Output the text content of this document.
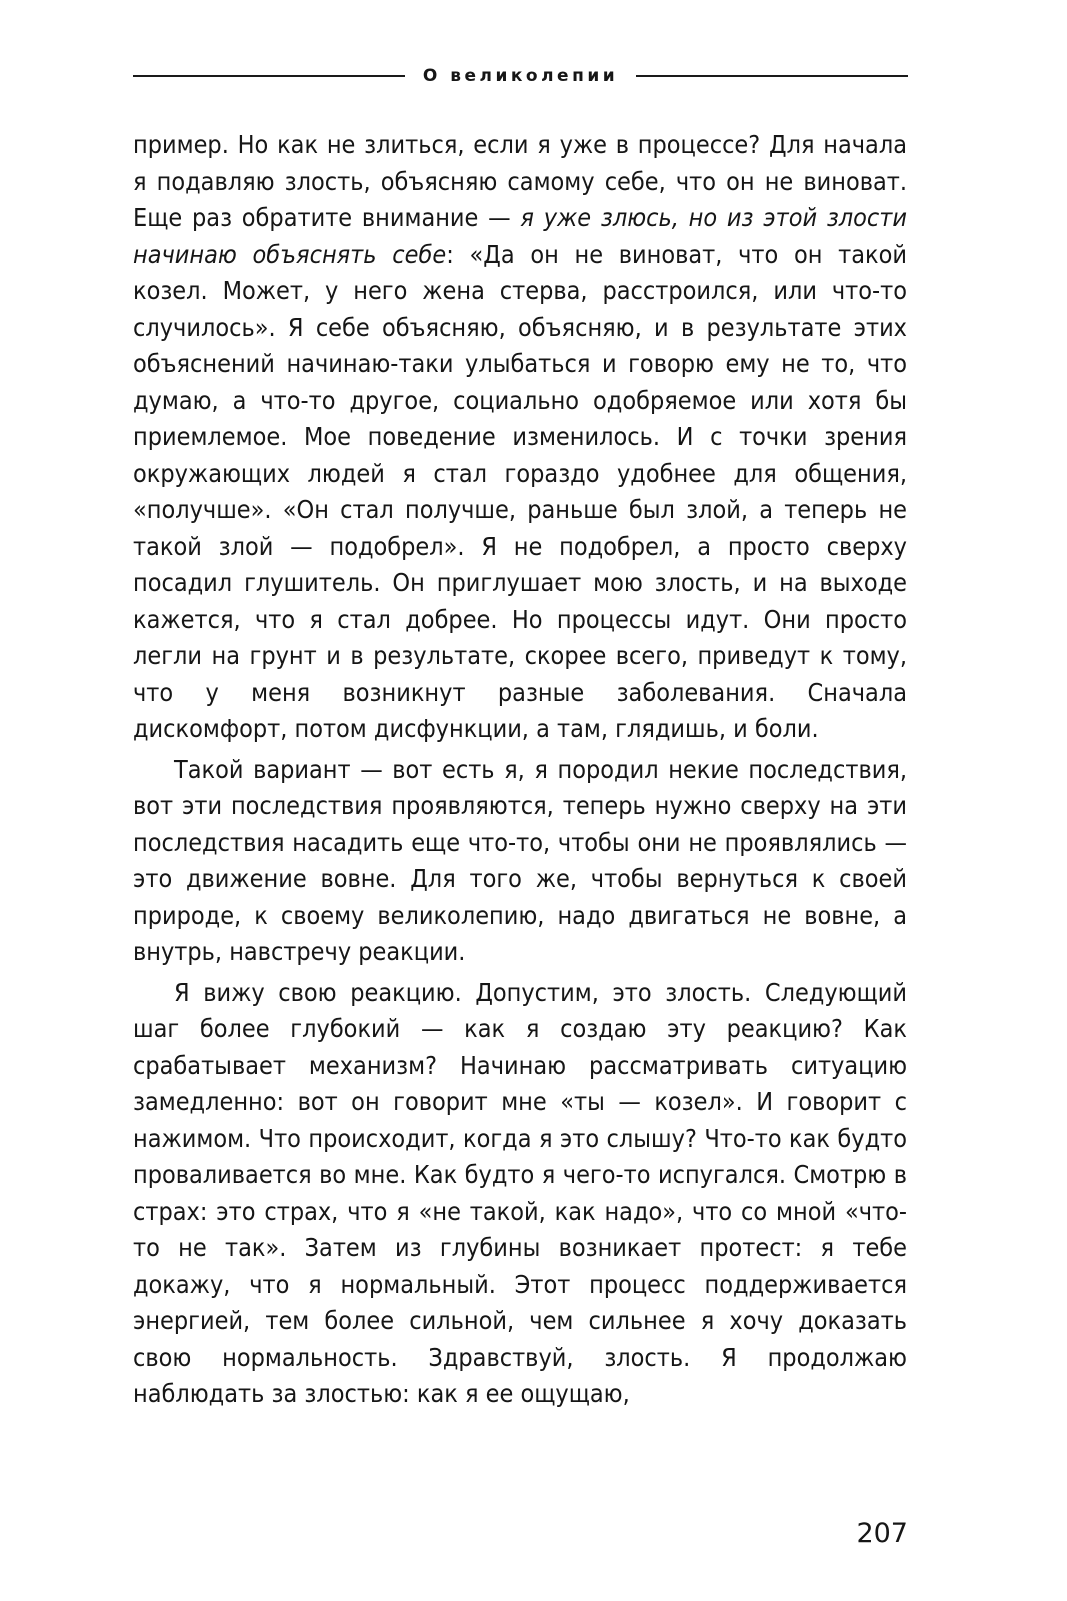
О великолепии

пример. Но как не злиться, если я уже в процессе? Для начала я подавляю злость, объясняю самому себе, что он не виноват. Еще раз обратите внимание — я уже злюсь, но из этой злости начинаю объяснять себе: «Да он не виноват, что он такой козел. Может, у него жена стерва, расстроился, или что-то случилось». Я себе объясняю, объясняю, и в результате этих объяснений начинаю-таки улыбаться и говорю ему не то, что думаю, а что-то другое, социально одобряемое или хотя бы приемлемое. Мое поведение изменилось. И с точки зрения окружающих людей я стал гораздо удобнее для общения, «получше». «Он стал получше, раньше был злой, а теперь не такой злой — подобрел». Я не подобрел, а просто сверху посадил глушитель. Он приглушает мою злость, и на выходе кажется, что я стал добрее. Но процессы идут. Они просто легли на грунт и в результате, скорее всего, приведут к тому, что у меня возникнут разные заболевания. Сначала дискомфорт, потом дисфункции, а там, глядишь, и боли.

Такой вариант — вот есть я, я породил некие последствия, вот эти последствия проявляются, теперь нужно сверху на эти последствия насадить еще что-то, чтобы они не проявлялись — это движение вовне. Для того же, чтобы вернуться к своей природе, к своему великолепию, надо двигаться не вовне, а внутрь, навстречу реакции.

Я вижу свою реакцию. Допустим, это злость. Следующий шаг более глубокий — как я создаю эту реакцию? Как срабатывает механизм? Начинаю рассматривать ситуацию замедленно: вот он говорит мне «ты — козел». И говорит с нажимом. Что происходит, когда я это слышу? Что-то как будто проваливается во мне. Как будто я чего-то испугался. Смотрю в страх: это страх, что я «не такой, как надо», что со мной «что-то не так». Затем из глубины возникает протест: я тебе докажу, что я нормальный. Этот процесс поддерживается энергией, тем более сильной, чем сильнее я хочу доказать свою нормальность. Здравствуй, злость. Я продолжаю наблюдать за злостью: как я ее ощущаю,

207
